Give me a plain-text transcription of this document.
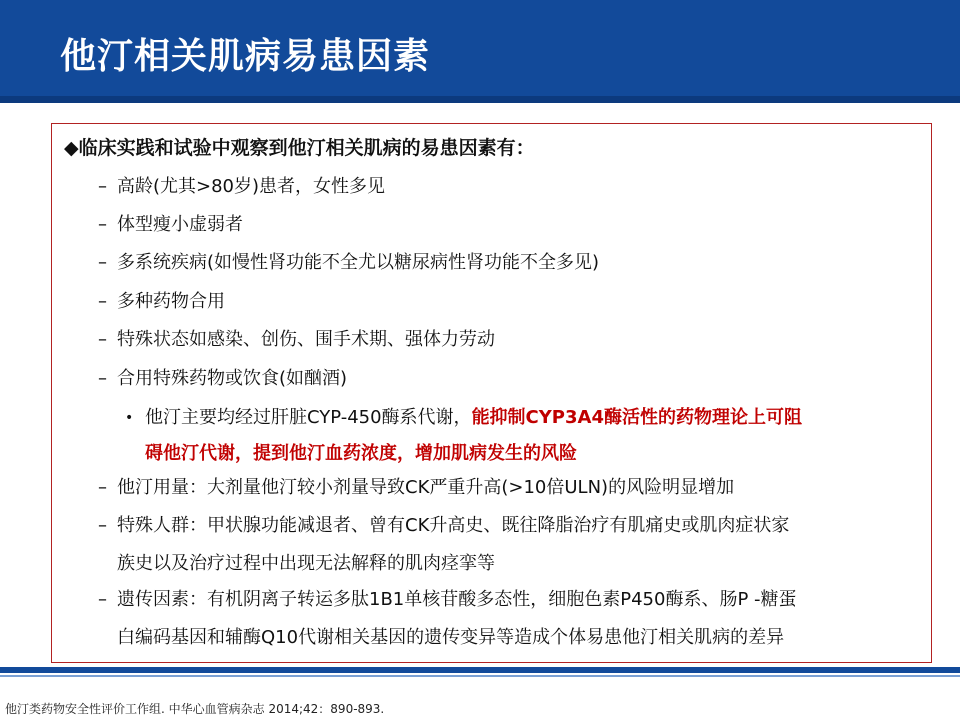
他汀相关肌病易患因素
◆临床实践和试验中观察到他汀相关肌病的易患因素有：
– 高龄(尤其>80岁)患者，女性多见
– 体型瘦小虚弱者
– 多系统疾病(如慢性肾功能不全尤以糖尿病性肾功能不全多见)
– 多种药物合用
– 特殊状态如感染、创伤、围手术期、强体力劳动
– 合用特殊药物或饮食(如酗酒)
• 他汀主要均经过肝脏CYP-450酶系代谢，能抑制CYP3A4酶活性的药物理论上可阻
碍他汀代谢，提到他汀血药浓度，增加肌病发生的风险
– 他汀用量：大剂量他汀较小剂量导致CK严重升高(>10倍ULN)的风险明显增加
– 特殊人群：甲状腺功能减退者、曾有CK升高史、既往降脂治疗有肌痛史或肌肉症状家
族史以及治疗过程中出现无法解释的肌肉痉挛等
– 遗传因素：有机阴离子转运多肽1B1单核苷酸多态性，细胞色素P450酶系、肠P -糖蛋
白编码基因和辅酶Q10代谢相关基因的遗传变异等造成个体易患他汀相关肌病的差异
他汀类药物安全性评价工作组. 中华心血管病杂志 2014;42：890-893.
